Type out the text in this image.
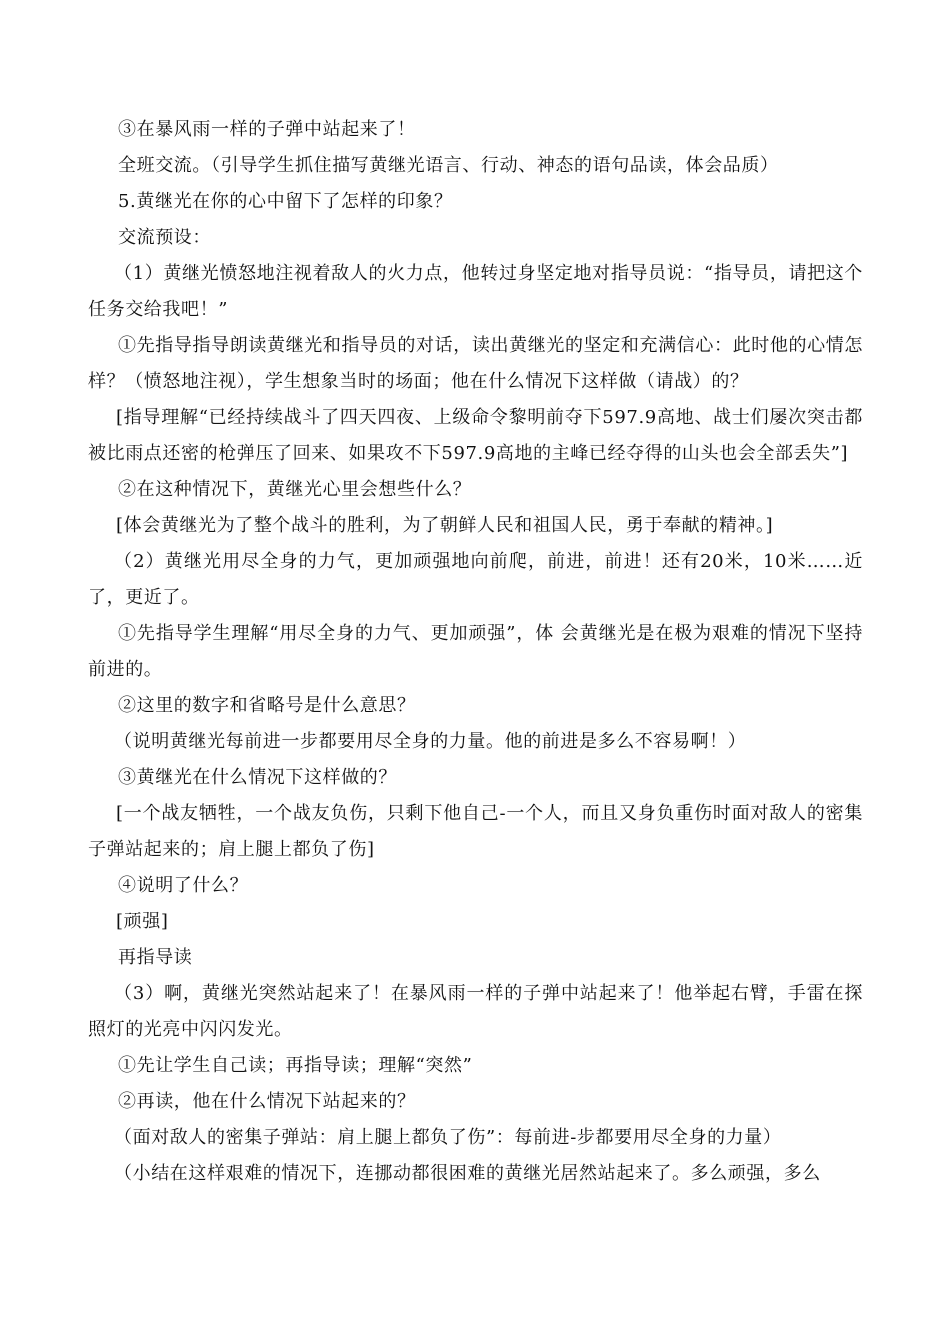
③在暴风雨一样的子弹中站起来了！

全班交流。（引导学生抓住描写黄继光语言、行动、神态的语句品读，体会品质）

5.黄继光在你的心中留下了怎样的印象？

交流预设：

（1）黄继光愤怒地注视着敌人的火力点，他转过身坚定地对指导员说：“指导员，请把这个任务交给我吧！”

①先指导指导朗读黄继光和指导员的对话，读出黄继光的坚定和充满信心：此时他的心情怎样？（愤怒地注视），学生想象当时的场面；他在什么情况下这样做（请战）的？

[指导理解“已经持续战斗了四天四夜、上级命令黎明前夺下597.9高地、战士们屡次突击都被比雨点还密的枪弹压了回来、如果攻不下597.9高地的主峰已经夺得的山头也会全部丢失”]

②在这种情况下，黄继光心里会想些什么？

[体会黄继光为了整个战斗的胜利，为了朝鲜人民和祖国人民，勇于奉献的精神。]

（2）黄继光用尽全身的力气，更加顽强地向前爬，前进，前进！还有20米，10米……近了，更近了。

①先指导学生理解“用尽全身的力气、更加顽强”，体 会黄继光是在极为艰难的情况下坚持前进的。

②这里的数字和省略号是什么意思？

（说明黄继光每前进一步都要用尽全身的力量。他的前进是多么不容易啊！）

③黄继光在什么情况下这样做的？

[一个战友牺牲，一个战友负伤，只剩下他自己-一个人，而且又身负重伤时面对敌人的密集子弹站起来的；肩上腿上都负了伤]

④说明了什么？

[顽强]

再指导读

（3）啊，黄继光突然站起来了！在暴风雨一样的子弹中站起来了！他举起右臂，手雷在探照灯的光亮中闪闪发光。

①先让学生自己读；再指导读；理解“突然”

②再读，他在什么情况下站起来的？

（面对敌人的密集子弹站：肩上腿上都负了伤”：每前进-步都要用尽全身的力量）

（小结在这样艰难的情况下，连挪动都很困难的黄继光居然站起来了。多么顽强，多么
